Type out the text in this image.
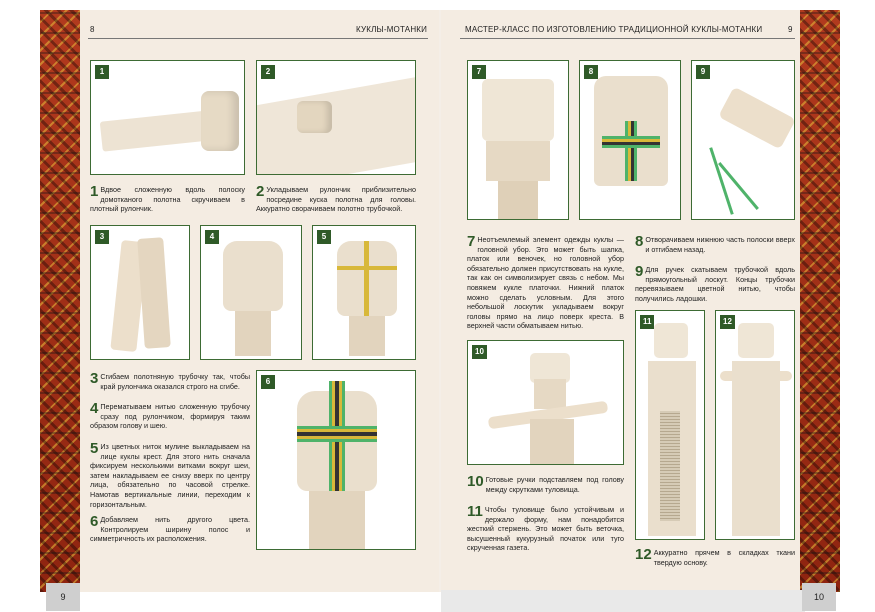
8	КУКЛЫ-МОТАНКИ
1	2
1 Вдвое сложенную вдоль полоску домотканого полотна скручиваем в плотный рулончик.
2 Укладываем рулончик приблизительно посредине куска полотна для головы. Аккуратно сворачиваем полотно трубочкой.
3	4	5
3 Сгибаем полотняную трубочку так, чтобы край рулончика оказался строго на сгибе.
4 Перематываем нитью сложенную трубочку сразу под рулончиком, формируя таким образом голову и шею.
5 Из цветных ниток мулине выкладываем на лице куклы крест. Для этого нить сначала фиксируем несколькими витками вокруг шеи, затем накладываем ее снизу вверх по центру лица, обязательно по часовой стрелке. Намотав вертикальные линии, переходим к горизонтальным.
6 Добавляем нить другого цвета. Контролируем ширину полос и симметричность их расположения.
6
МАСТЕР-КЛАСС ПО ИЗГОТОВЛЕНИЮ ТРАДИЦИОННОЙ КУКЛЫ-МОТАНКИ	9
7	8	9
7 Неотъемлемый элемент одежды куклы — головной убор. Это может быть шапка, платок или веночек, но головной убор обязательно должен присутствовать на кукле, так как он символизирует связь с небом. Мы повяжем кукле платочки. Нижний платок можно сделать условным. Для этого небольшой лоскутик укладываем вокруг головы прямо на лицо поверх креста. В верхней части обматываем нитью.
8 Отворачиваем нижнюю часть полоски вверх и отгибаем назад.
9 Для ручек скатываем трубочкой вдоль прямоугольный лоскут. Концы трубочки перевязываем цветной нитью, чтобы получились ладошки.
10
11	12
10 Готовые ручки подставляем под голову между скрутками туловища.
11 Чтобы туловище было устойчивым и держало форму, нам понадобится жесткий стержень. Это может быть веточка, высушенный кукурузный початок или туго скрученная газета.	12 Аккуратно прячем в складках ткани твердую основу.
9	10
